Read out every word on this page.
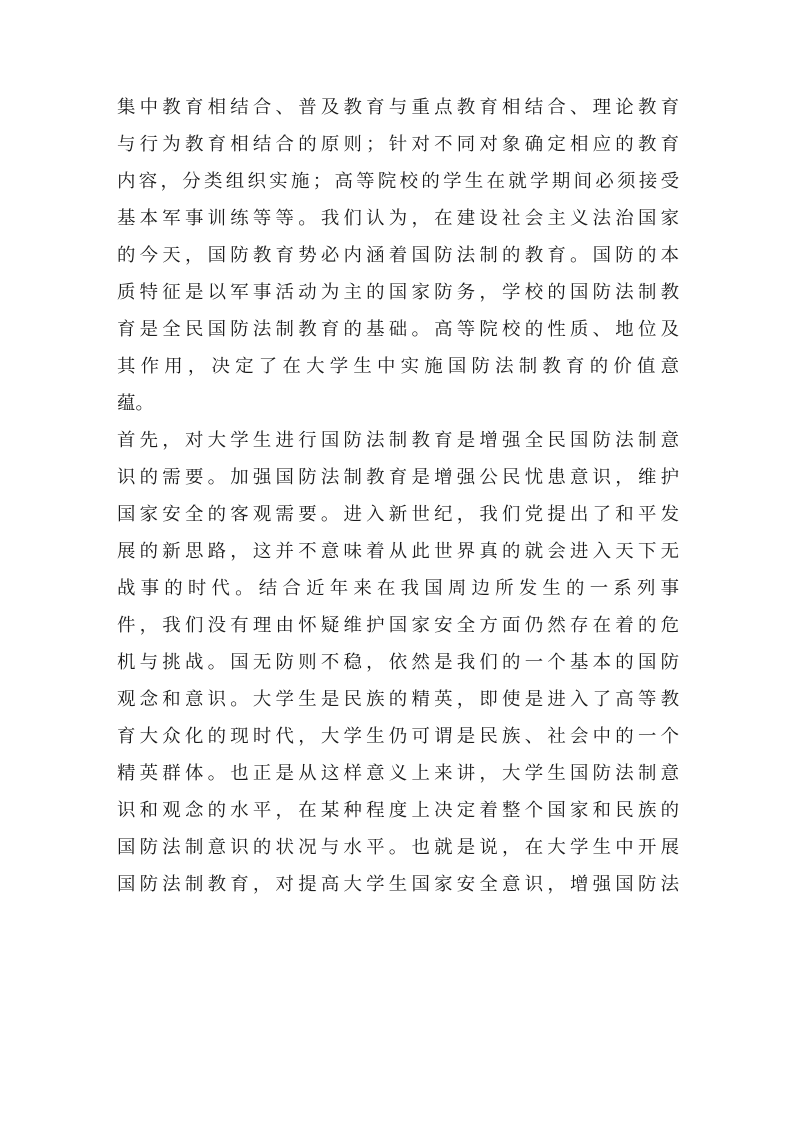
集中教育相结合、普及教育与重点教育相结合、理论教育
与行为教育相结合的原则；针对不同对象确定相应的教育
内容，分类组织实施；高等院校的学生在就学期间必须接受
基本军事训练等等。我们认为，在建设社会主义法治国家
的今天，国防教育势必内涵着国防法制的教育。国防的本
质特征是以军事活动为主的国家防务，学校的国防法制教
育是全民国防法制教育的基础。高等院校的性质、地位及
其作用，决定了在大学生中实施国防法制教育的价值意
蕴。
首先，对大学生进行国防法制教育是增强全民国防法制意
识的需要。加强国防法制教育是增强公民忧患意识，维护
国家安全的客观需要。进入新世纪，我们党提出了和平发
展的新思路，这并不意味着从此世界真的就会进入天下无
战事的时代。结合近年来在我国周边所发生的一系列事
件，我们没有理由怀疑维护国家安全方面仍然存在着的危
机与挑战。国无防则不稳，依然是我们的一个基本的国防
观念和意识。大学生是民族的精英，即使是进入了高等教
育大众化的现时代，大学生仍可谓是民族、社会中的一个
精英群体。也正是从这样意义上来讲，大学生国防法制意
识和观念的水平，在某种程度上决定着整个国家和民族的
国防法制意识的状况与水平。也就是说，在大学生中开展
国防法制教育，对提高大学生国家安全意识，增强国防法
